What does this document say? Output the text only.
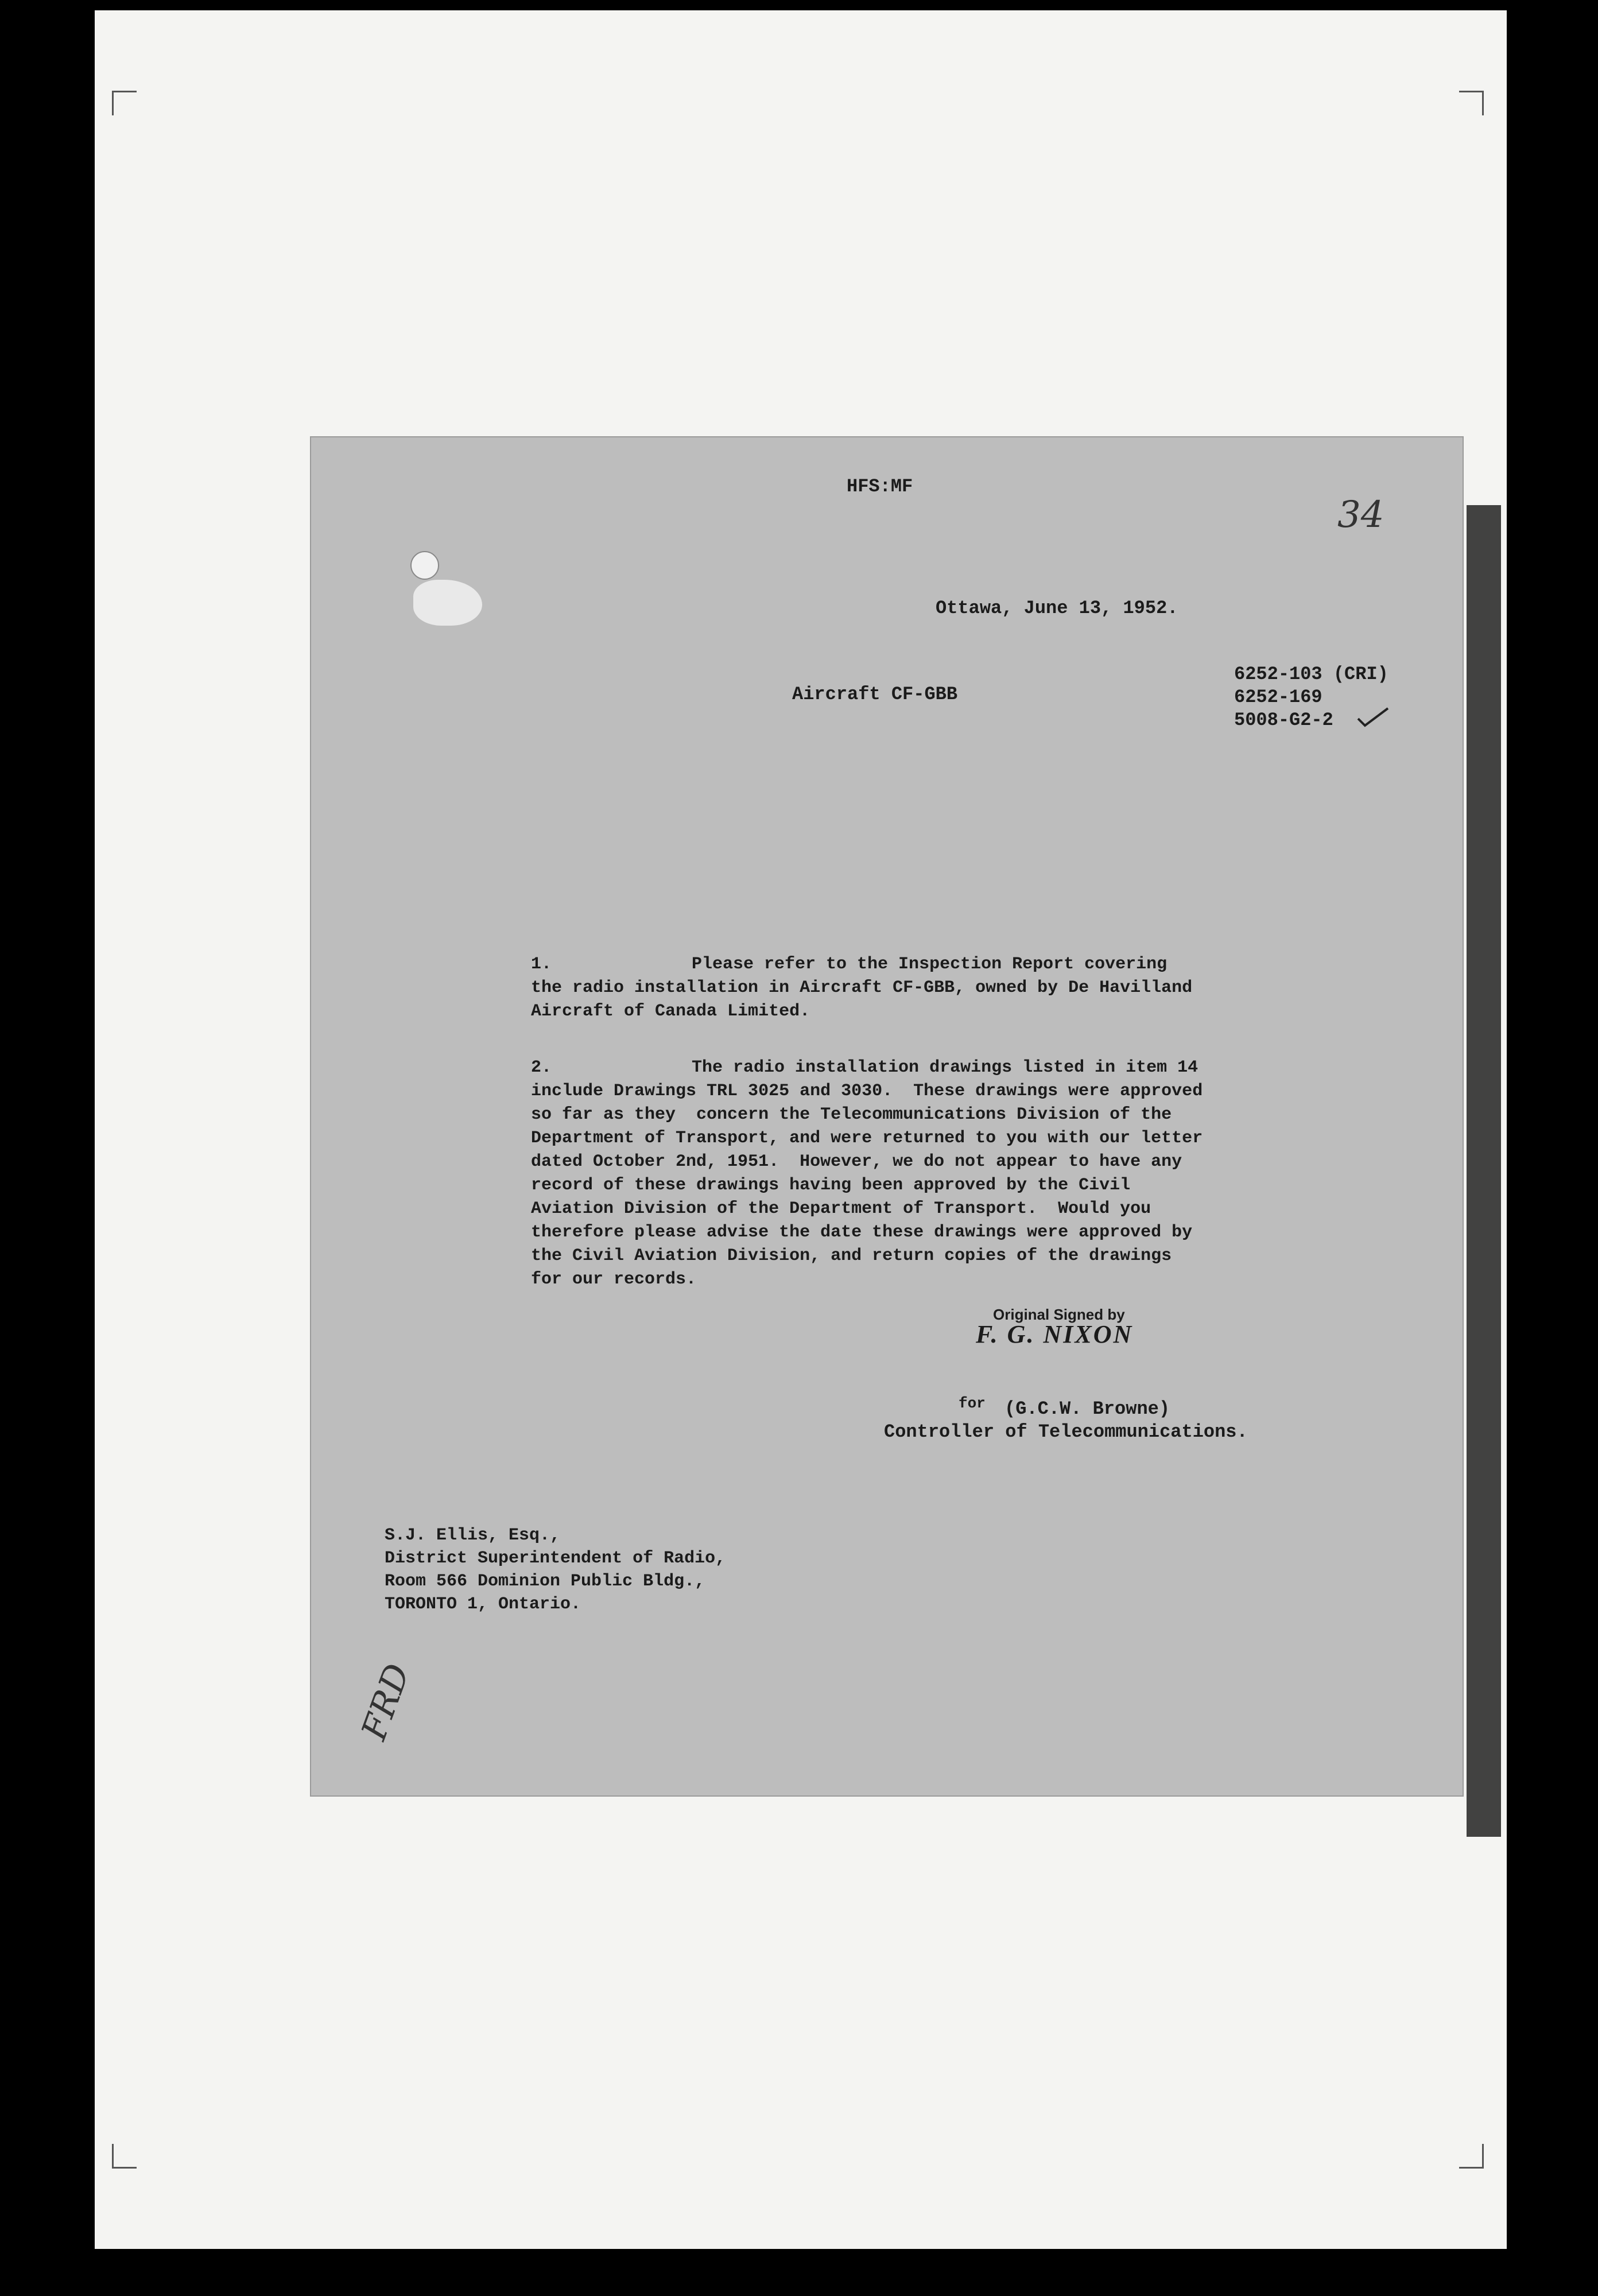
HFS:MF
34
Ottawa, June 13, 1952.
Aircraft CF-GBB
6252-103 (CRI)
6252-169
5008-G2-2
1.	Please refer to the Inspection Report covering
the radio installation in Aircraft CF-GBB, owned by De Havilland
Aircraft of Canada Limited.
2.	The radio installation drawings listed in item 14
include Drawings TRL 3025 and 3030.  These drawings were approved
so far as they  concern the Telecommunications Division of the
Department of Transport, and were returned to you with our letter
dated October 2nd, 1951.  However, we do not appear to have any
record of these drawings having been approved by the Civil
Aviation Division of the Department of Transport.  Would you
therefore please advise the date these drawings were approved by
the Civil Aviation Division, and return copies of the drawings
for our records.
Original Signed by
F. G. NIXON
for (G.C.W. Browne)
Controller of Telecommunications.
S.J. Ellis, Esq.,
District Superintendent of Radio,
Room 566 Dominion Public Bldg.,
TORONTO 1, Ontario.
FRD
